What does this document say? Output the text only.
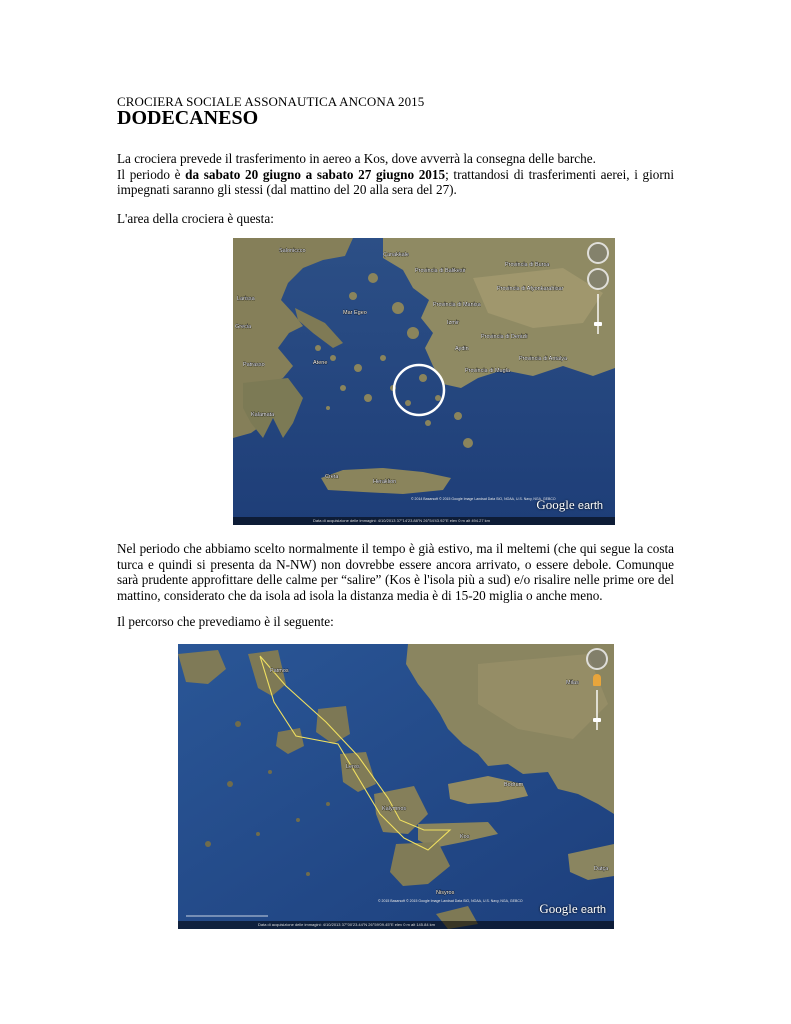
CROCIERA SOCIALE ASSONAUTICA ANCONA 2015
DODECANESO
La crociera prevede il trasferimento in aereo a Kos, dove avverrà la consegna delle barche.
Il periodo è da sabato 20 giugno a sabato 27 giugno 2015; trattandosi di trasferimenti aerei, i giorni impegnati saranno gli stessi (dal mattino del 20 alla sera del 27).
L'area della crociera è questa:
Saloniccco
Çanakkale
Provincia di Balikesir
Provincia di Bursa
Provincia di Afyonkarahisar
Larissa
Provincia di Manisa
Mar Egeo
Izmir
Grecia
Provincia di Denizli
Aydin
Provincia di Antalya
Atene
Provincia di Mugla
Patrasso
Creta
Heraklion
Kalamata
© 2014 Basarsoft © 2015 Google Image Landsat Data SIO, NOAA, U.S. Navy, NGA, GEBCO
Google earth
Data di acquisizione delle immagini: 4/10/2013 37°14'23.88"N 26°54'43.92"E elev 0 m alt 494.27 km
Nel periodo che abbiamo scelto normalmente il tempo è già estivo, ma il meltemi (che qui segue la costa turca e quindi si presenta da N-NW) non dovrebbe essere ancora arrivato, o essere debole. Comunque sarà prudente approfittare delle calme per “salire” (Kos è l'isola più a sud) e/o risalire nelle prime ore del mattino, considerato che da isola ad isola la distanza media è di 15-20 miglia o anche meno.
Il percorso che prevediamo è il seguente:
Milas
Bodrum
Kalymnos
Kos
Leros
Patmos
Datça
Nisyros
© 2015 Basarsoft © 2015 Google Image Landsat Data SIO, NOAA, U.S. Navy, NGA, GEBCO Google earth
Data di acquisizione delle immagini: 4/10/2013 37°00'23.44"N 26°59'09.45"E elev 0 m alt 145.84 km
